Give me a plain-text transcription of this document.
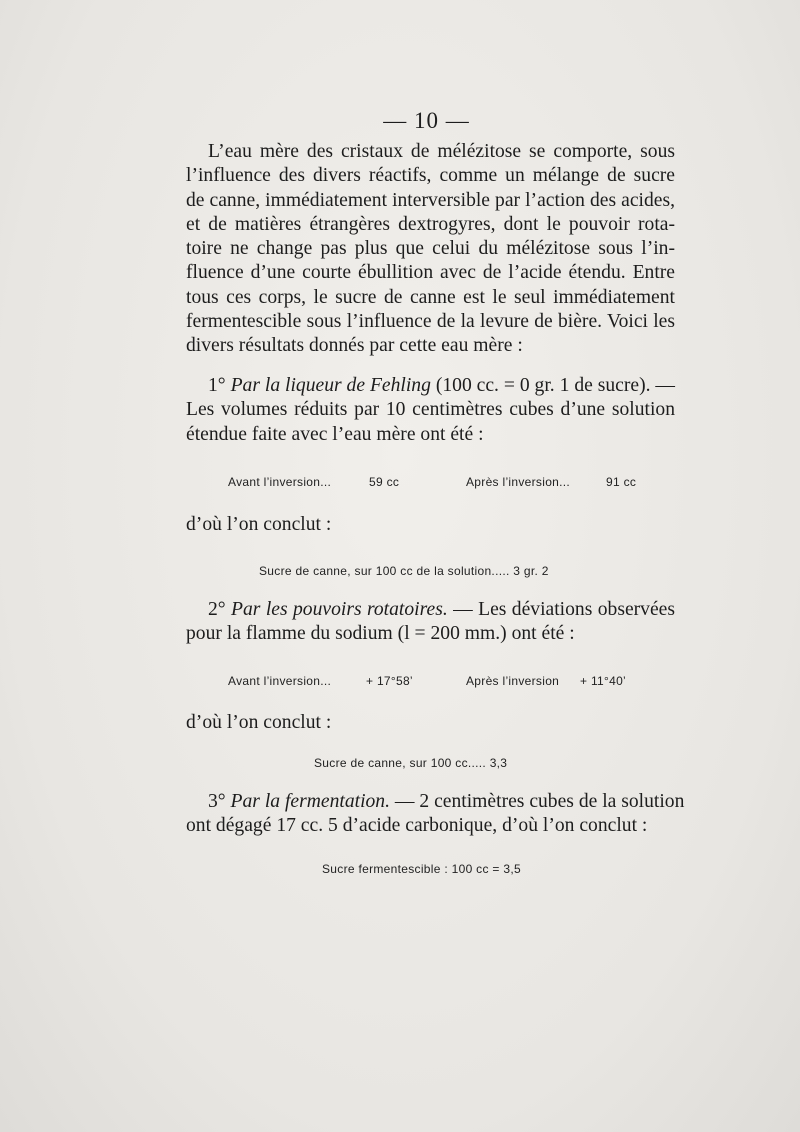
— 10 —
L’eau mère des cristaux de mélézitose se comporte, sous
l’influence des divers réactifs, comme un mélange de sucre
de canne, immédiatement interversible par l’action des acides,
et de matières étrangères dextrogyres, dont le pouvoir rota-
toire ne change pas plus que celui du mélézitose sous l’in-
fluence d’une courte ébullition avec de l’acide étendu. Entre
tous ces corps, le sucre de canne est le seul immédiatement
fermentescible sous l’influence de la levure de bière. Voici les
divers résultats donnés par cette eau mère :
1° Par la liqueur de Fehling (100 cc. = 0 gr. 1 de sucre). —
Les volumes réduits par 10 centimètres cubes d’une solution
étendue faite avec l’eau mère ont été :
Avant l’inversion...	59 cc	Après l’inversion...	91 cc
d’où l’on conclut :
Sucre de canne, sur 100 cc de la solution..... 3 gr. 2
2° Par les pouvoirs rotatoires. — Les déviations observées
pour la flamme du sodium (l = 200 mm.) ont été :
Avant l’inversion...	+ 17°58’	Après l’inversion + 11°40’
d’où l’on conclut :
Sucre de canne, sur 100 cc..... 3,3
3° Par la fermentation. — 2 centimètres cubes de la solution
ont dégagé 17 cc. 5 d’acide carbonique, d’où l’on conclut :
Sucre fermentescible : 100 cc = 3,5
